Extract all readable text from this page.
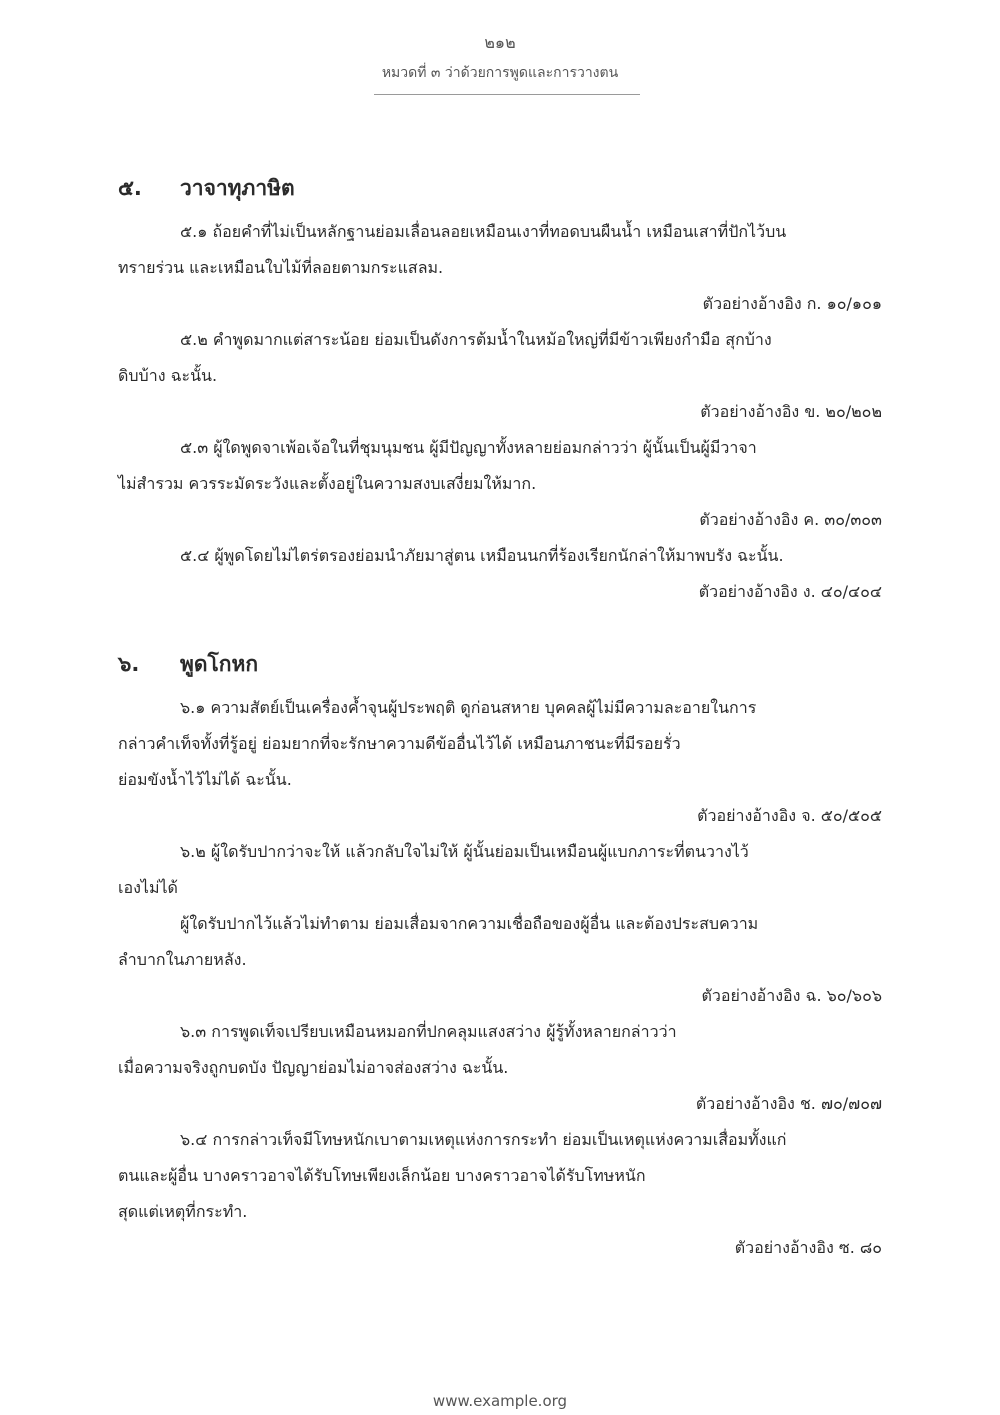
๒๑๒
หมวดที่ ๓ ว่าด้วยการพูดและการวางตน
๕.	วาจาทุภาษิต

๕.๑ ถ้อยคำที่ไม่เป็นหลักฐานย่อมเลื่อนลอยเหมือนเงาที่ทอดบนผืนน้ำ เหมือนเสาที่ปักไว้บน

ทรายร่วน และเหมือนใบไม้ที่ลอยตามกระแสลม.

ตัวอย่างอ้างอิง ก. ๑๐/๑๐๑

๕.๒ คำพูดมากแต่สาระน้อย ย่อมเป็นดังการต้มน้ำในหม้อใหญ่ที่มีข้าวเพียงกำมือ สุกบ้าง

ดิบบ้าง ฉะนั้น.

ตัวอย่างอ้างอิง ข. ๒๐/๒๐๒

๕.๓ ผู้ใดพูดจาเพ้อเจ้อในที่ชุมนุมชน ผู้มีปัญญาทั้งหลายย่อมกล่าวว่า ผู้นั้นเป็นผู้มีวาจา

ไม่สำรวม ควรระมัดระวังและตั้งอยู่ในความสงบเสงี่ยมให้มาก.

ตัวอย่างอ้างอิง ค. ๓๐/๓๐๓

๕.๔ ผู้พูดโดยไม่ไตร่ตรองย่อมนำภัยมาสู่ตน เหมือนนกที่ร้องเรียกนักล่าให้มาพบรัง ฉะนั้น.

ตัวอย่างอ้างอิง ง. ๔๐/๔๐๔

๖.	พูดโกหก

๖.๑ ความสัตย์เป็นเครื่องค้ำจุนผู้ประพฤติ ดูก่อนสหาย บุคคลผู้ไม่มีความละอายในการ

กล่าวคำเท็จทั้งที่รู้อยู่ ย่อมยากที่จะรักษาความดีข้ออื่นไว้ได้ เหมือนภาชนะที่มีรอยรั่ว

ย่อมขังน้ำไว้ไม่ได้ ฉะนั้น.

ตัวอย่างอ้างอิง จ. ๕๐/๕๐๕

๖.๒ ผู้ใดรับปากว่าจะให้ แล้วกลับใจไม่ให้ ผู้นั้นย่อมเป็นเหมือนผู้แบกภาระที่ตนวางไว้

เองไม่ได้

ผู้ใดรับปากไว้แล้วไม่ทำตาม ย่อมเสื่อมจากความเชื่อถือของผู้อื่น และต้องประสบความ

ลำบากในภายหลัง.

ตัวอย่างอ้างอิง ฉ. ๖๐/๖๐๖

๖.๓ การพูดเท็จเปรียบเหมือนหมอกที่ปกคลุมแสงสว่าง ผู้รู้ทั้งหลายกล่าวว่า

เมื่อความจริงถูกบดบัง ปัญญาย่อมไม่อาจส่องสว่าง ฉะนั้น.

ตัวอย่างอ้างอิง ช. ๗๐/๗๐๗

๖.๔ การกล่าวเท็จมีโทษหนักเบาตามเหตุแห่งการกระทำ ย่อมเป็นเหตุแห่งความเสื่อมทั้งแก่

ตนและผู้อื่น บางคราวอาจได้รับโทษเพียงเล็กน้อย บางคราวอาจได้รับโทษหนัก

สุดแต่เหตุที่กระทำ.

ตัวอย่างอ้างอิง ซ. ๘๐

www.example.org
